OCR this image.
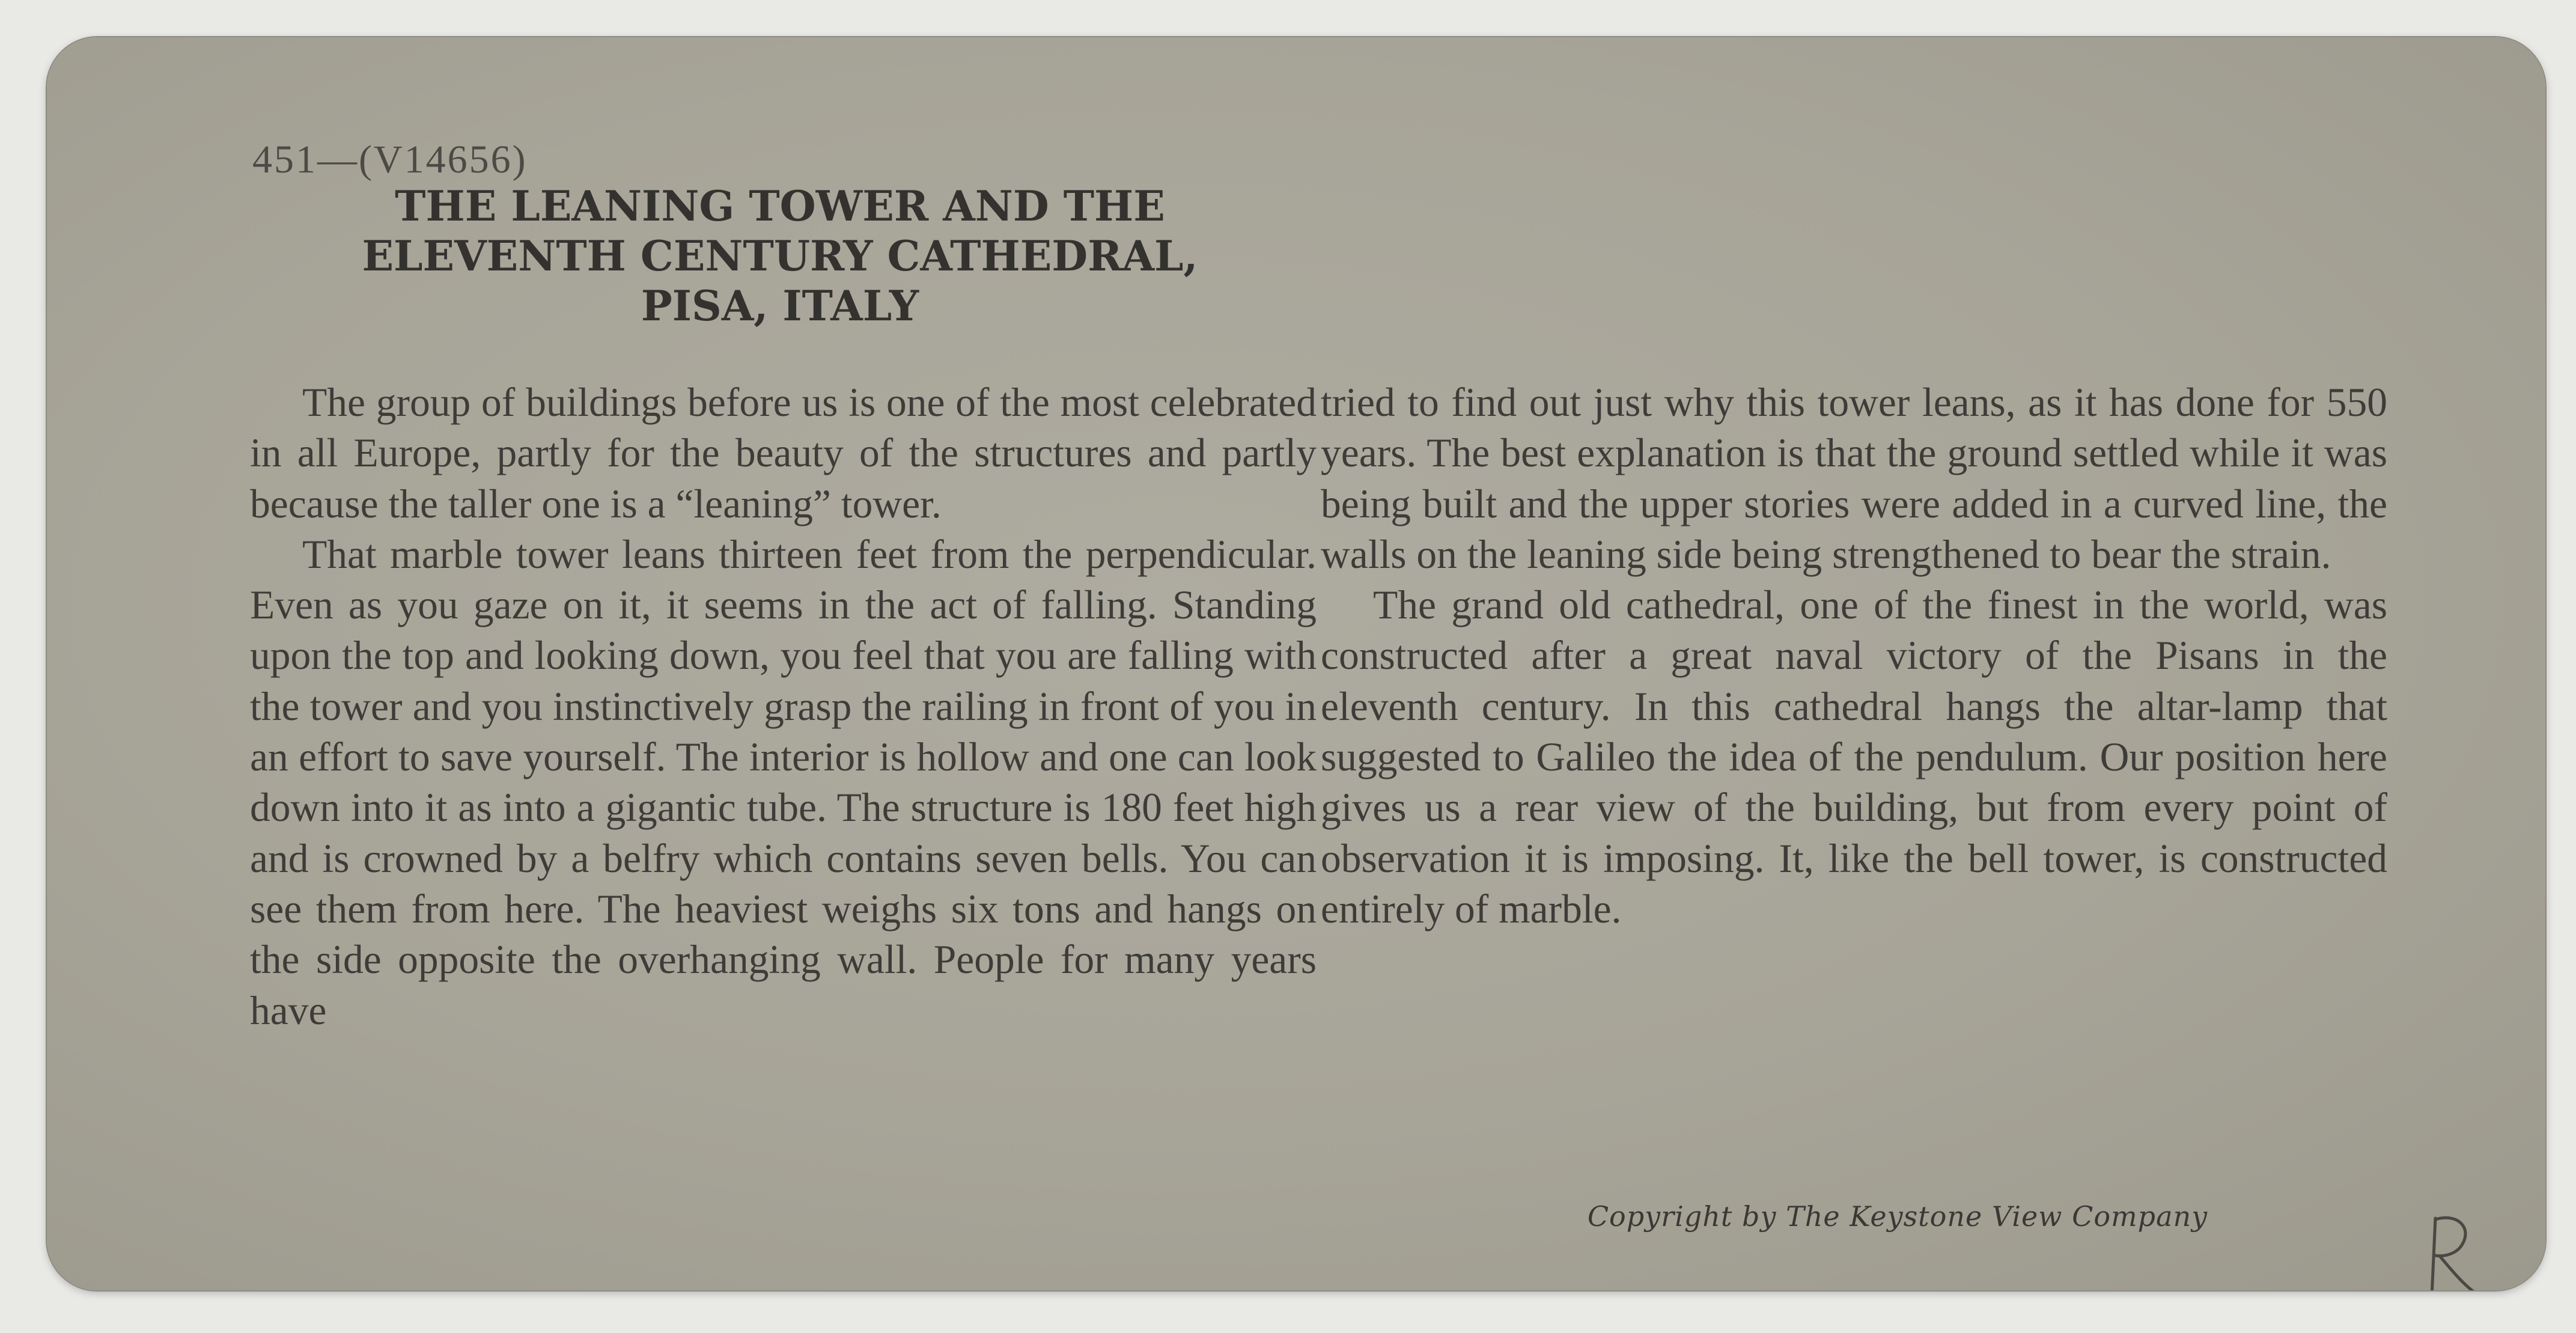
451—(V14656)
THE LEANING TOWER AND THE
ELEVENTH CENTURY CATHEDRAL,
PISA, ITALY

The group of buildings before us is one of the most celebrated in all Europe, partly for the beauty of the structures and partly because the taller one is a “leaning” tower.

That marble tower leans thirteen feet from the perpendicular. Even as you gaze on it, it seems in the act of falling. Standing upon the top and looking down, you feel that you are falling with the tower and you instinctively grasp the railing in front of you in an effort to save yourself. The interior is hollow and one can look down into it as into a gigantic tube. The structure is 180 feet high and is crowned by a belfry which contains seven bells. You can see them from here. The heaviest weighs six tons and hangs on the side opposite the overhanging wall. People for many years have

tried to find out just why this tower leans, as it has done for 550 years. The best explanation is that the ground settled while it was being built and the upper stories were added in a curved line, the walls on the leaning side being strengthened to bear the strain.

The grand old cathedral, one of the finest in the world, was constructed after a great naval victory of the Pisans in the eleventh century. In this cathedral hangs the altar-lamp that suggested to Galileo the idea of the pendulum. Our position here gives us a rear view of the building, but from every point of observation it is imposing. It, like the bell tower, is constructed entirely of marble.

Copyright by The Keystone View Company
